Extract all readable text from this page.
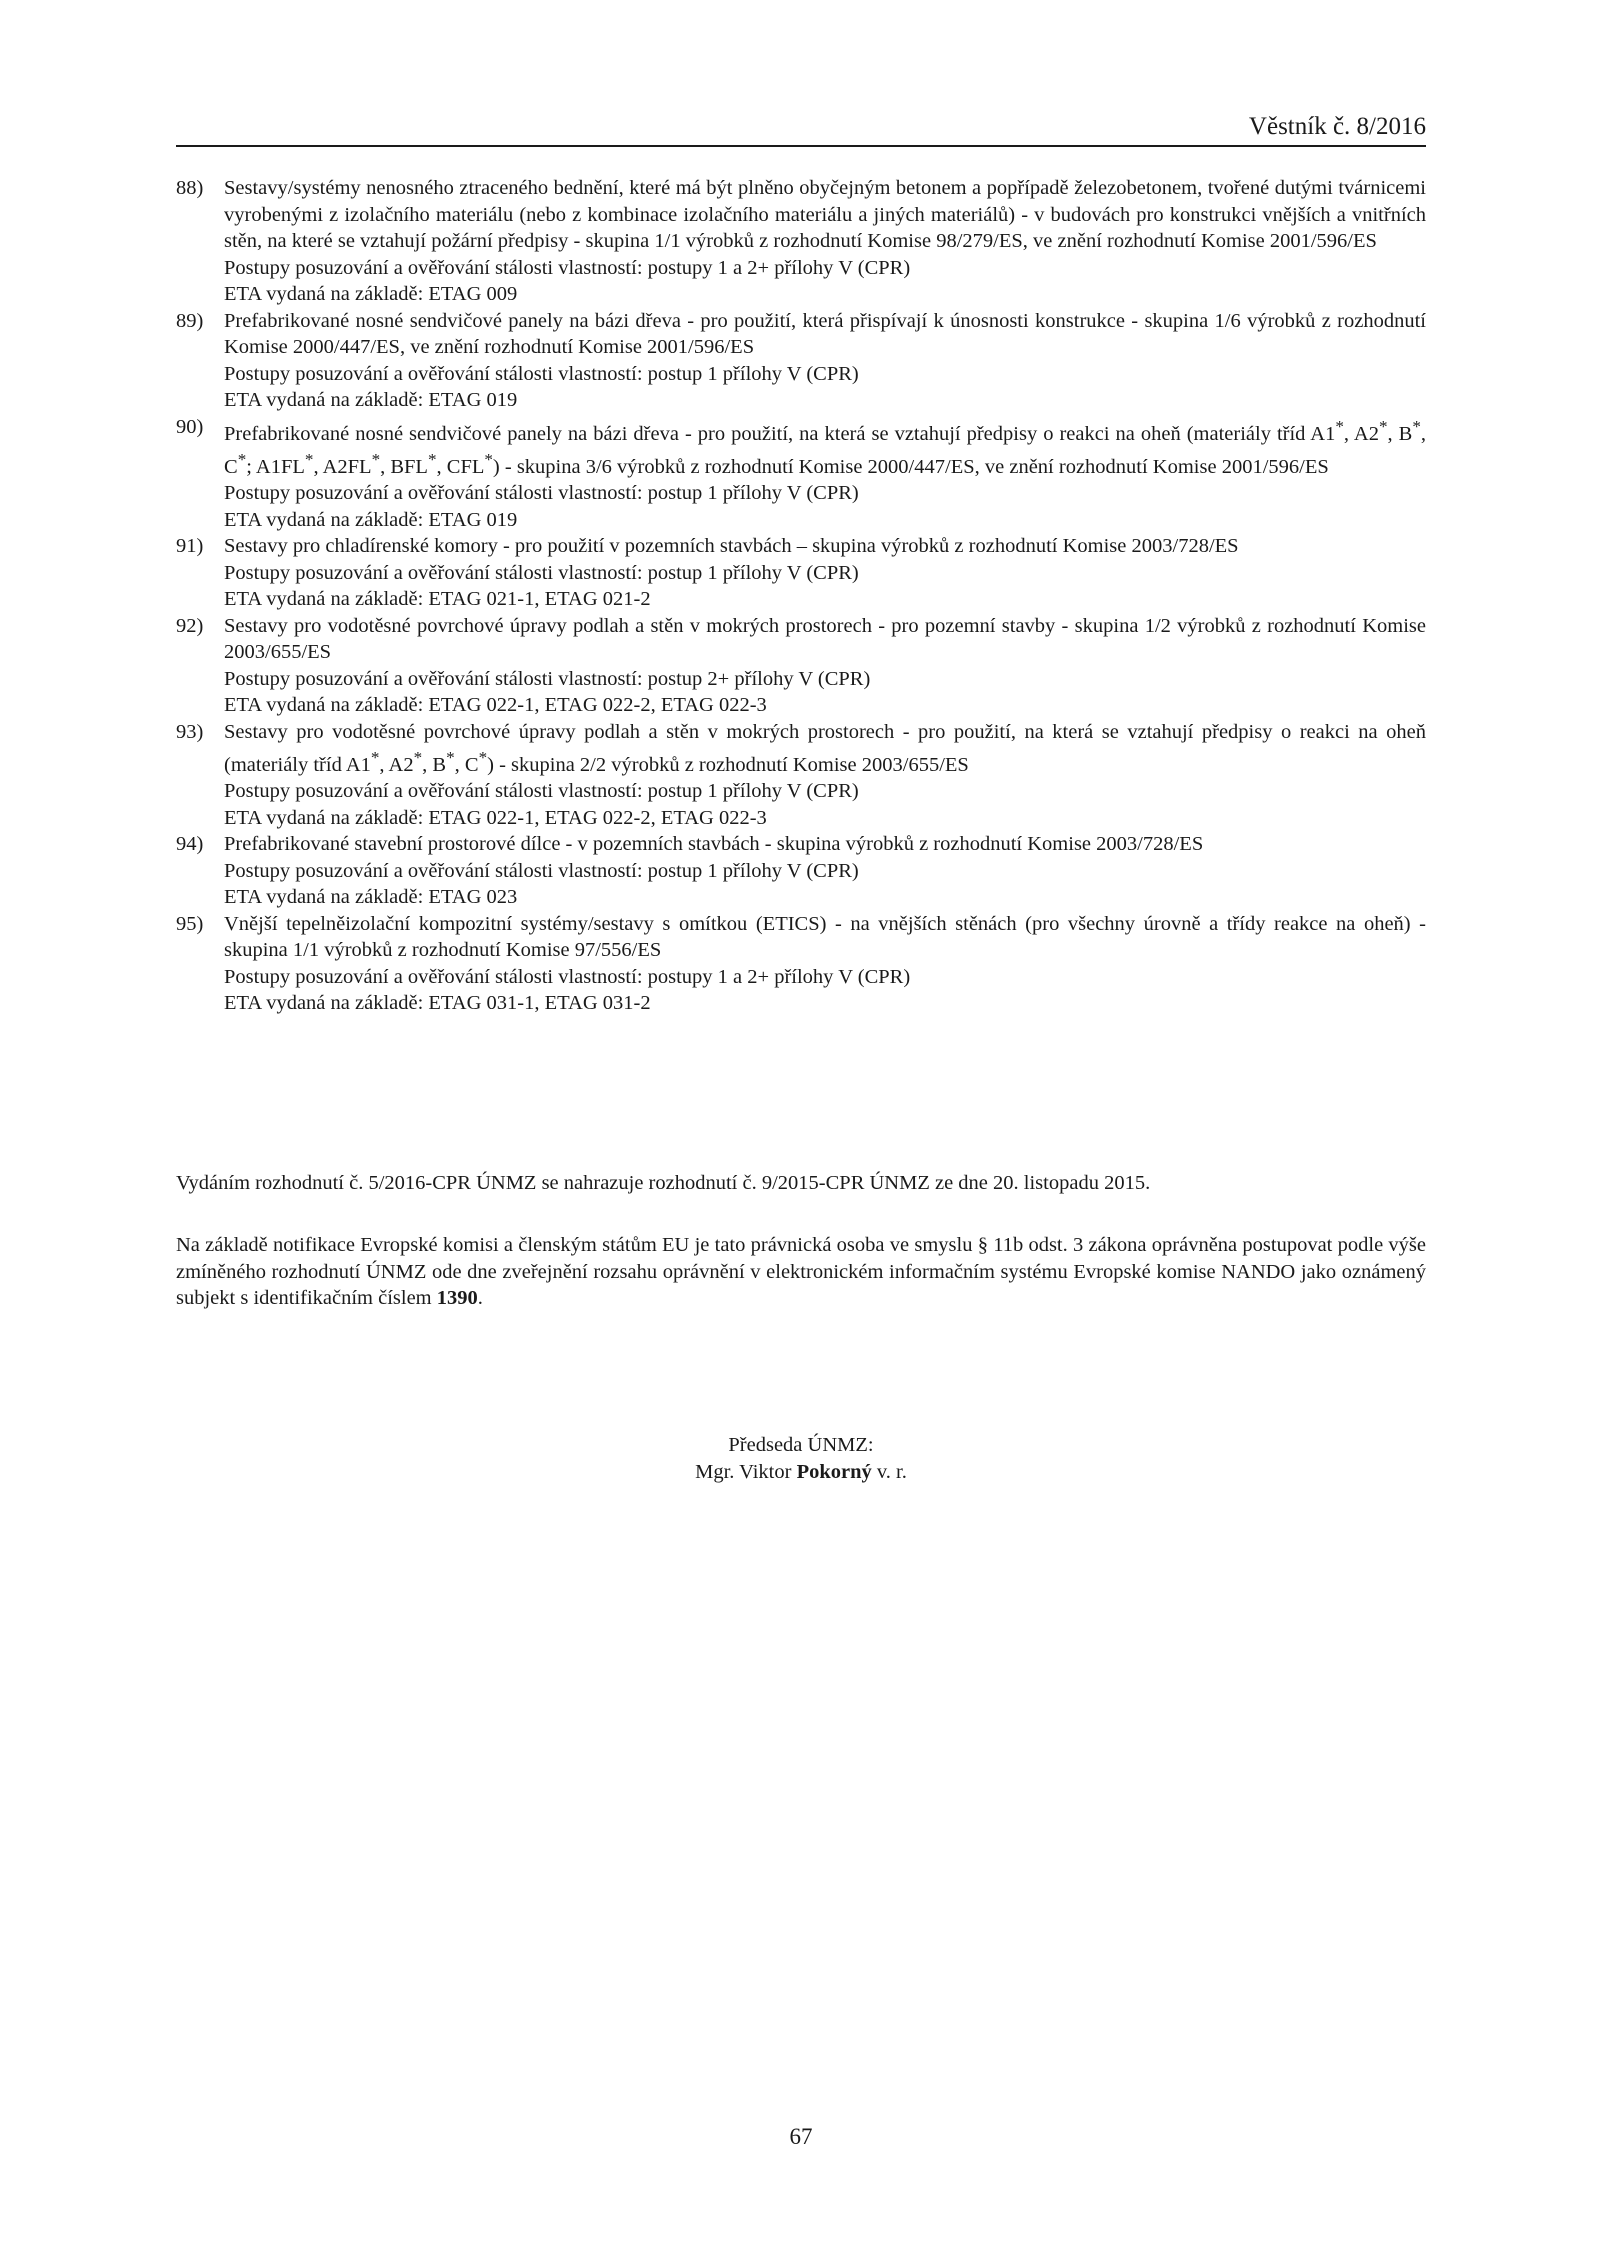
Věstník č. 8/2016
88)	Sestavy/systémy nenosného ztraceného bednění, které má být plněno obyčejným betonem a popřípadě železobetonem, tvořené dutými tvárnicemi vyrobenými z izolačního materiálu (nebo z kombinace izolačního materiálu a jiných materiálů) - v budovách pro konstrukci vnějších a vnitřních stěn, na které se vztahují požární předpisy - skupina 1/1 výrobků z rozhodnutí Komise 98/279/ES, ve znění rozhodnutí Komise 2001/596/ES
Postupy posuzování a ověřování stálosti vlastností: postupy 1 a 2+ přílohy V (CPR)
ETA vydaná na základě: ETAG 009
89)	Prefabrikované nosné sendvičové panely na bázi dřeva - pro použití, která přispívají k únosnosti konstrukce - skupina 1/6 výrobků z rozhodnutí Komise 2000/447/ES, ve znění rozhodnutí Komise 2001/596/ES
Postupy posuzování a ověřování stálosti vlastností: postup 1 přílohy V (CPR)
ETA vydaná na základě: ETAG 019
90)	Prefabrikované nosné sendvičové panely na bázi dřeva - pro použití, na která se vztahují předpisy o reakci na oheň (materiály tříd A1*, A2*, B*, C*; A1FL*, A2FL*, BFL*, CFL*) - skupina 3/6 výrobků z rozhodnutí Komise 2000/447/ES, ve znění rozhodnutí Komise 2001/596/ES
Postupy posuzování a ověřování stálosti vlastností: postup 1 přílohy V (CPR)
ETA vydaná na základě: ETAG 019
91)	Sestavy pro chladírenské komory - pro použití v pozemních stavbách – skupina výrobků z rozhodnutí Komise 2003/728/ES
Postupy posuzování a ověřování stálosti vlastností: postup 1 přílohy V (CPR)
ETA vydaná na základě: ETAG 021-1, ETAG 021-2
92)	Sestavy pro vodotěsné povrchové úpravy podlah a stěn v mokrých prostorech - pro pozemní stavby - skupina 1/2 výrobků z rozhodnutí Komise 2003/655/ES
Postupy posuzování a ověřování stálosti vlastností: postup 2+ přílohy V (CPR)
ETA vydaná na základě: ETAG 022-1, ETAG 022-2, ETAG 022-3
93)	Sestavy pro vodotěsné povrchové úpravy podlah a stěn v mokrých prostorech - pro použití, na která se vztahují předpisy o reakci na oheň (materiály tříd A1*, A2*, B*, C*) - skupina 2/2 výrobků z rozhodnutí Komise 2003/655/ES
Postupy posuzování a ověřování stálosti vlastností: postup 1 přílohy V (CPR)
ETA vydaná na základě: ETAG 022-1, ETAG 022-2, ETAG 022-3
94)	Prefabrikované stavební prostorové dílce - v pozemních stavbách - skupina výrobků z rozhodnutí Komise 2003/728/ES
Postupy posuzování a ověřování stálosti vlastností: postup 1 přílohy V (CPR)
ETA vydaná na základě: ETAG 023
95)	Vnější tepelněizolační kompozitní systémy/sestavy s omítkou (ETICS) - na vnějších stěnách (pro všechny úrovně a třídy reakce na oheň) - skupina 1/1 výrobků z rozhodnutí Komise 97/556/ES
Postupy posuzování a ověřování stálosti vlastností: postupy 1 a 2+ přílohy V (CPR)
ETA vydaná na základě: ETAG 031-1, ETAG 031-2
Vydáním rozhodnutí č. 5/2016-CPR ÚNMZ se nahrazuje rozhodnutí č. 9/2015-CPR ÚNMZ ze dne 20. listopadu 2015.
Na základě notifikace Evropské komisi a členským státům EU je tato právnická osoba ve smyslu § 11b odst. 3 zákona oprávněna postupovat podle výše zmíněného rozhodnutí ÚNMZ ode dne zveřejnění rozsahu oprávnění v elektronickém informačním systému Evropské komise NANDO jako oznámený subjekt s identifikačním číslem 1390.
Předseda ÚNMZ:
Mgr. Viktor Pokorný v. r.
67
